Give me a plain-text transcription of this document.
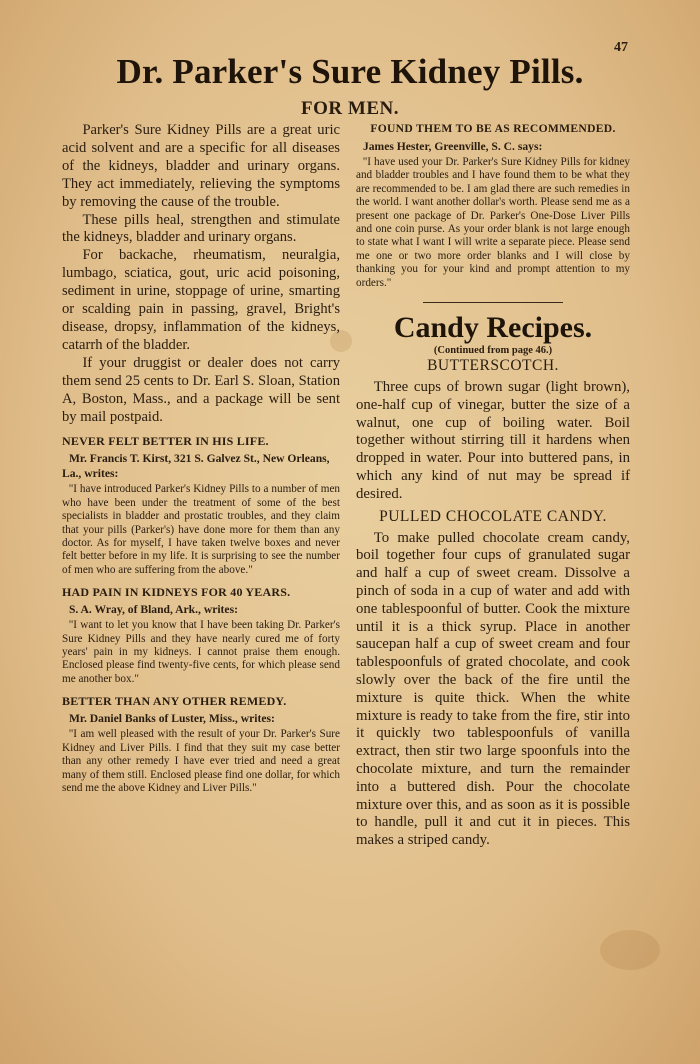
47
Dr. Parker's Sure Kidney Pills.
FOR MEN.

Parker's Sure Kidney Pills are a great uric acid solvent and are a specific for all diseases of the kidneys, bladder and urinary organs. They act immediately, relieving the symptoms by removing the cause of the trouble.

These pills heal, strengthen and stimulate the kidneys, bladder and urinary organs.

For backache, rheumatism, neuralgia, lumbago, sciatica, gout, uric acid poisoning, sediment in urine, stoppage of urine, smarting or scalding pain in passing, gravel, Bright's disease, dropsy, inflammation of the kidneys, catarrh of the bladder.

If your druggist or dealer does not carry them send 25 cents to Dr. Earl S. Sloan, Station A, Boston, Mass., and a package will be sent by mail postpaid.

NEVER FELT BETTER IN HIS LIFE.
Mr. Francis T. Kirst, 321 S. Galvez St., New Orleans, La., writes:

"I have introduced Parker's Kidney Pills to a number of men who have been under the treatment of some of the best specialists in bladder and prostatic troubles, and they claim that your pills (Parker's) have done more for them than any doctor. As for myself, I have taken twelve boxes and never felt better before in my life. It is surprising to see the number of men who are suffering from the above."

HAD PAIN IN KIDNEYS FOR 40 YEARS.
S. A. Wray, of Bland, Ark., writes:

"I want to let you know that I have been taking Dr. Parker's Sure Kidney Pills and they have nearly cured me of forty years' pain in my kidneys. I cannot praise them enough. Enclosed please find twenty-five cents, for which please send me another box."

BETTER THAN ANY OTHER REMEDY.
Mr. Daniel Banks of Luster, Miss., writes:

"I am well pleased with the result of your Dr. Parker's Sure Kidney and Liver Pills. I find that they suit my case better than any other remedy I have ever tried and need a great many of them still. Enclosed please find one dollar, for which send me the above Kidney and Liver Pills."

FOUND THEM TO BE AS RECOMMENDED.
James Hester, Greenville, S. C. says:

"I have used your Dr. Parker's Sure Kidney Pills for kidney and bladder troubles and I have found them to be what they are recommended to be. I am glad there are such remedies in the world. I want another dollar's worth. Please send me as a present one package of Dr. Parker's One-Dose Liver Pills and one coin purse. As your order blank is not large enough to state what I want I will write a separate piece. Please send me one or two more order blanks and I will close by thanking you for your kind and prompt attention to my orders."

Candy Recipes.
(Continued from page 46.)
BUTTERSCOTCH.

Three cups of brown sugar (light brown), one-half cup of vinegar, butter the size of a walnut, one cup of boiling water. Boil together without stirring till it hardens when dropped in water. Pour into buttered pans, in which any kind of nut may be spread if desired.

PULLED CHOCOLATE CANDY.

To make pulled chocolate cream candy, boil together four cups of granulated sugar and half a cup of sweet cream. Dissolve a pinch of soda in a cup of water and add with one tablespoonful of butter. Cook the mixture until it is a thick syrup. Place in another saucepan half a cup of sweet cream and four tablespoonfuls of grated chocolate, and cook slowly over the back of the fire until the mixture is quite thick. When the white mixture is ready to take from the fire, stir into it quickly two tablespoonfuls of vanilla extract, then stir two large spoonfuls into the chocolate mixture, and turn the remainder into a buttered dish. Pour the chocolate mixture over this, and as soon as it is possible to handle, pull it and cut it in pieces. This makes a striped candy.
